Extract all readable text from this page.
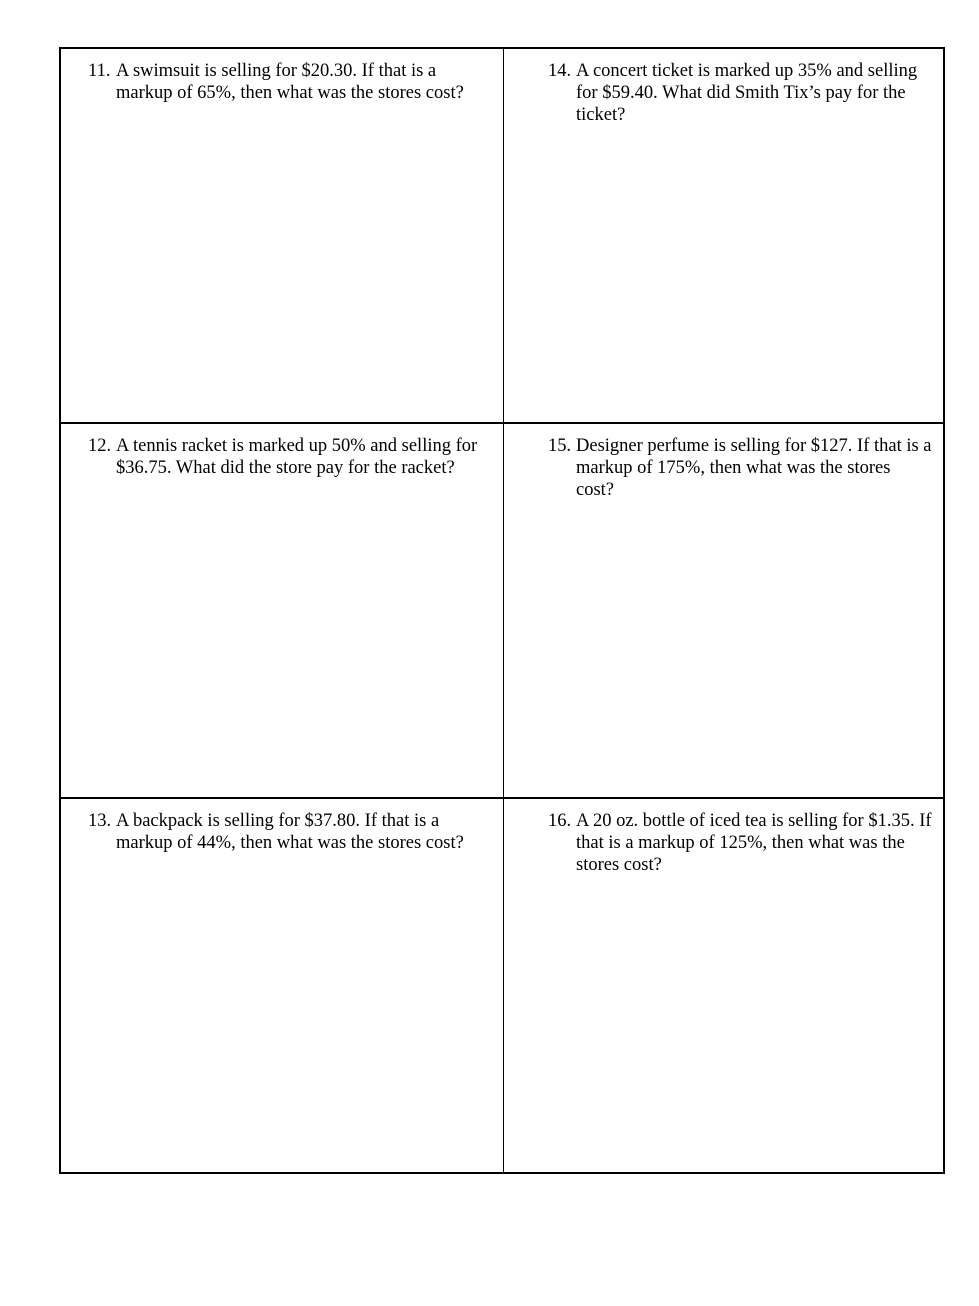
11. A swimsuit is selling for $20.30. If that is a markup of 65%, then what was the stores cost?

14. A concert ticket is marked up 35% and selling for $59.40. What did Smith Tix’s pay for the ticket?

12. A tennis racket is marked up 50% and selling for $36.75. What did the store pay for the racket?

15. Designer perfume is selling for $127. If that is a markup of 175%, then what was the stores cost?

13. A backpack is selling for $37.80. If that is a markup of 44%, then what was the stores cost?

16. A 20 oz. bottle of iced tea is selling for $1.35. If that is a markup of 125%, then what was the stores cost?
